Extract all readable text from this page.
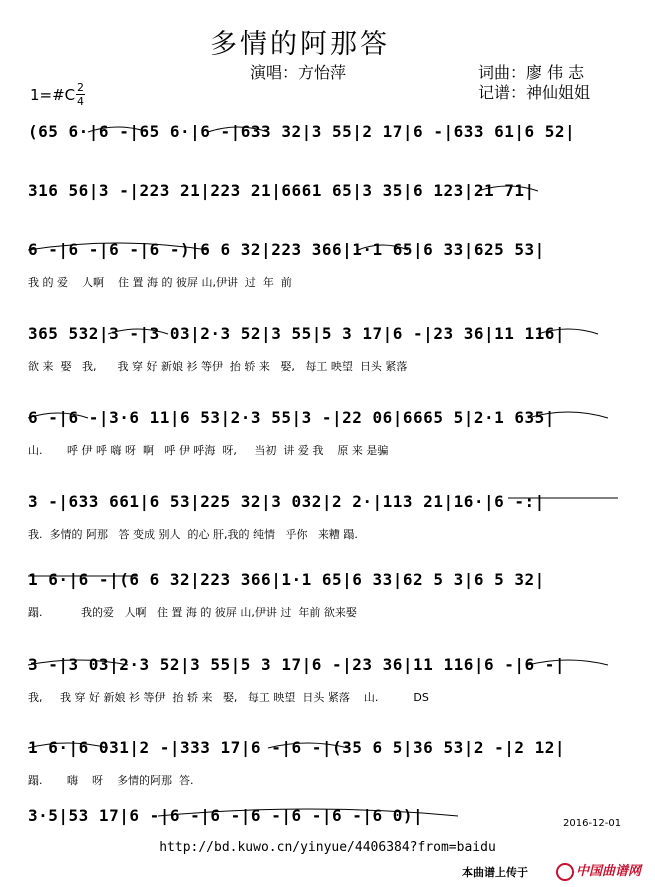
多情的阿那答
演唱：方怡萍	词曲：廖 伟 志
记谱：神仙姐姐
1=#C 2
4
(65 6·|6 -|65 6·|6 -|633 32|3 55|2 17|6 -|633 61|6 52|
316 56|3 -|223 21|223 21|6661 65|3 35|6 123|21 71|
6 -|6 -|6 -|6 -)|6 6 32|223 366|1·1 65|6 33|625 53|
我 的 爱    人啊    住 置 海 的 彼屏 山,伊讲  过  年  前
365 532|3 -|3 03|2·3 52|3 55|5 3 17|6 -|23 36|11 116|
欲 来  娶   我,      我 穿 好 新娘 衫 等伊  抬 轿 来   娶,   每工 映望  日头 紧落
6 -|6 -|3·6 11|6 53|2·3 55|3 -|22 06|6665 5|2·1 635|
山.       呼 伊 呼 嗨 呀  啊   呼 伊 呼海  呀,     当初  讲 爱 我    原 来 是骗
3 -|633 661|6 53|225 32|3 032|2 2·|113 21|16·|6 -:|
我.  多情的 阿那   答 变成 别人  的心 肝,我的 纯情   乎你   来糟 蹋.
1 6·|6 -|(6 6 32|223 366|1·1 65|6 33|62 5 3|6 5 32|
蹋.           我的爱   人啊   住 置 海 的 彼屏 山,伊讲 过  年前 欲来娶
3 -|3 03|2·3 52|3 55|5 3 17|6 -|23 36|11 116|6 -|6 -|
我,     我 穿 好 新娘 衫 等伊  抬 轿 来   娶,   每工 映望  日头 紧落    山.          DS
1 6·|6 031|2 -|333 17|6 -|6 -|(35 6 5|36 53|2 -|2 12|
蹋.       嗨    呀    多情的阿那  答.
3·5|53 17|6 -|6 -|6 -|6 -|6 -|6 -|6 0)|	2016-12-01
http://bd.kuwo.cn/yinyue/4406384?from=baidu
本曲谱上传于	中国曲谱网
